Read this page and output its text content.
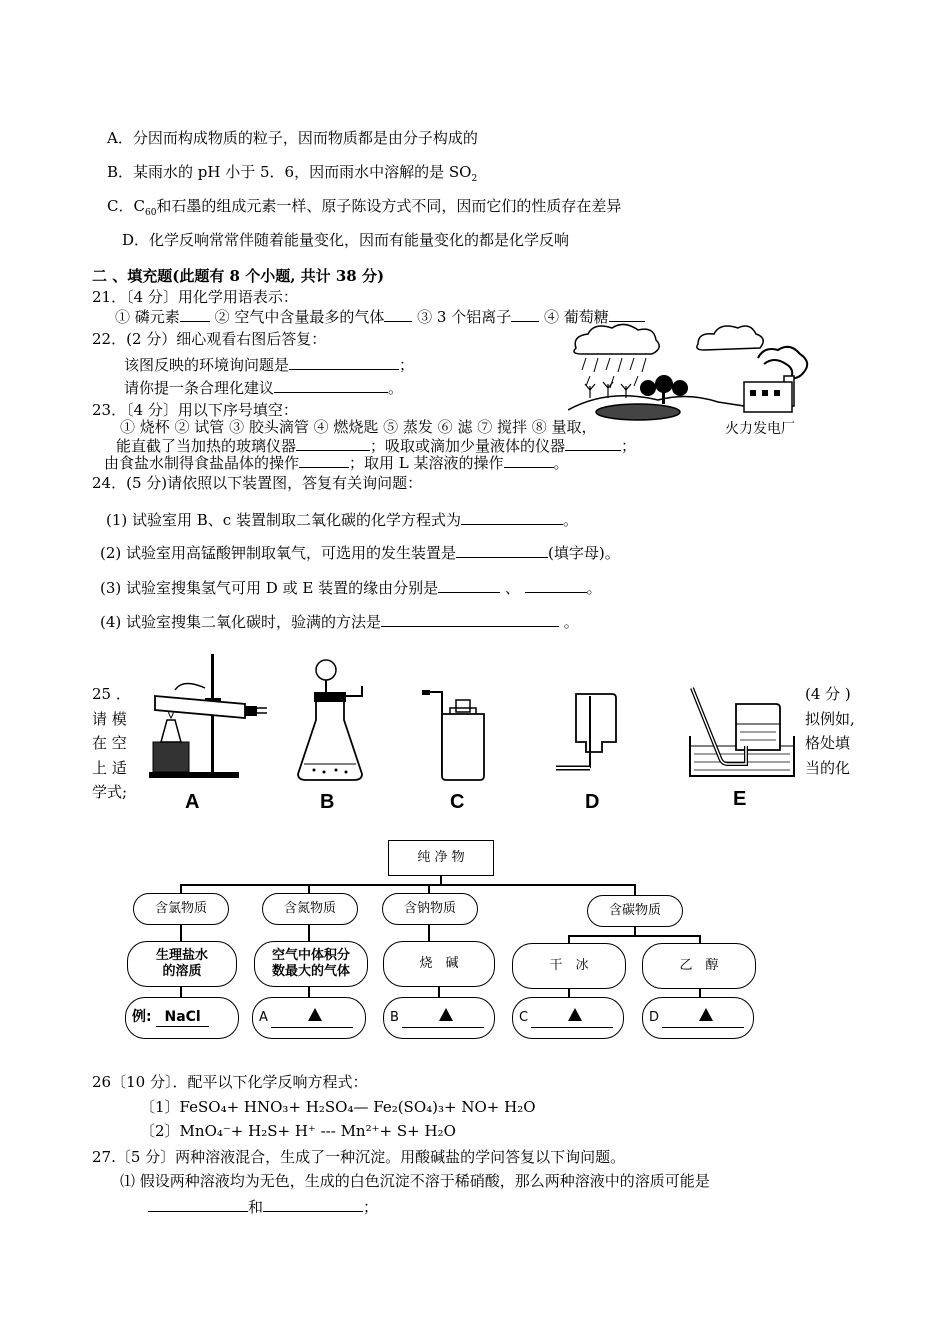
A．分因而构成物质的粒子，因而物质都是由分子构成的
B．某雨水的 pH 小于 5．6，因而雨水中溶解的是 $SO_2$
C．$C_{60}$和石墨的组成元素一样、原子陈设方式不同，因而它们的性质存在差异
D．化学反响常常伴随着能量变化，因而有能量变化的都是化学反响
二 、填充题(此题有 8 个小题, 共计 38 分)
21．〔4 分〕用化学用语表示：
① 磷元素 ② 空气中含量最多的气体 ③ 3 个铝离子 ④ 葡萄糖
22．(2 分）细心观看右图后答复：
该图反映的环境询问题是	；
请你提一条合理化建议	。
火力发电厂
23．〔4 分〕用以下序号填空：
① 烧杯 ② 试管 ③ 胶头滴管 ④ 燃烧匙 ⑤ 蒸发 ⑥ 滤 ⑦ 搅拌 ⑧ 量取，
能直截了当加热的玻璃仪器	；吸取或滴加少量液体的仪器	；
由食盐水制得食盐晶体的操作	；取用 L 某溶液的操作	。
24．(5 分)请依照以下装置图，答复有关询问题：
(1) 试验室用 B、c 装置制取二氧化碳的化学方程式为	。
(2) 试验室用高锰酸钾制取氧气，可选用的发生装置是	(填字母)。
(3) 试验室搜集氢气可用 D 或 E 装置的缘由分别是	、	。
(4) 试验室搜集二氧化碳时，验满的方法是	。
25 ．
请 模
在 空
上 适
学式;
(4 分 )
拟例如,
格处填
当的化
A	B	C	D	E
纯 净 物
含氯物质	含氮物质	含钠物质	含碳物质
生理盐水
的溶质
空气中体积分
数最大的气体
烧　碱	干　冰	乙　醇
例:
NaCl	A	B	C	D
26〔10 分〕．配平以下化学反响方程式：
〔1〕FeSO₄+ HNO₃+ H₂SO₄— Fe₂(SO₄)₃+ NO+ H₂O
〔2〕MnO₄⁻+ H₂S+ H⁺ --- Mn²⁺+ S+ H₂O
27.〔5 分〕两种溶液混合，生成了一种沉淀。用酸碱盐的学问答复以下询问题。
⑴ 假设两种溶液均为无色，生成的白色沉淀不溶于稀硝酸，那么两种溶液中的溶质可能是
和	；
